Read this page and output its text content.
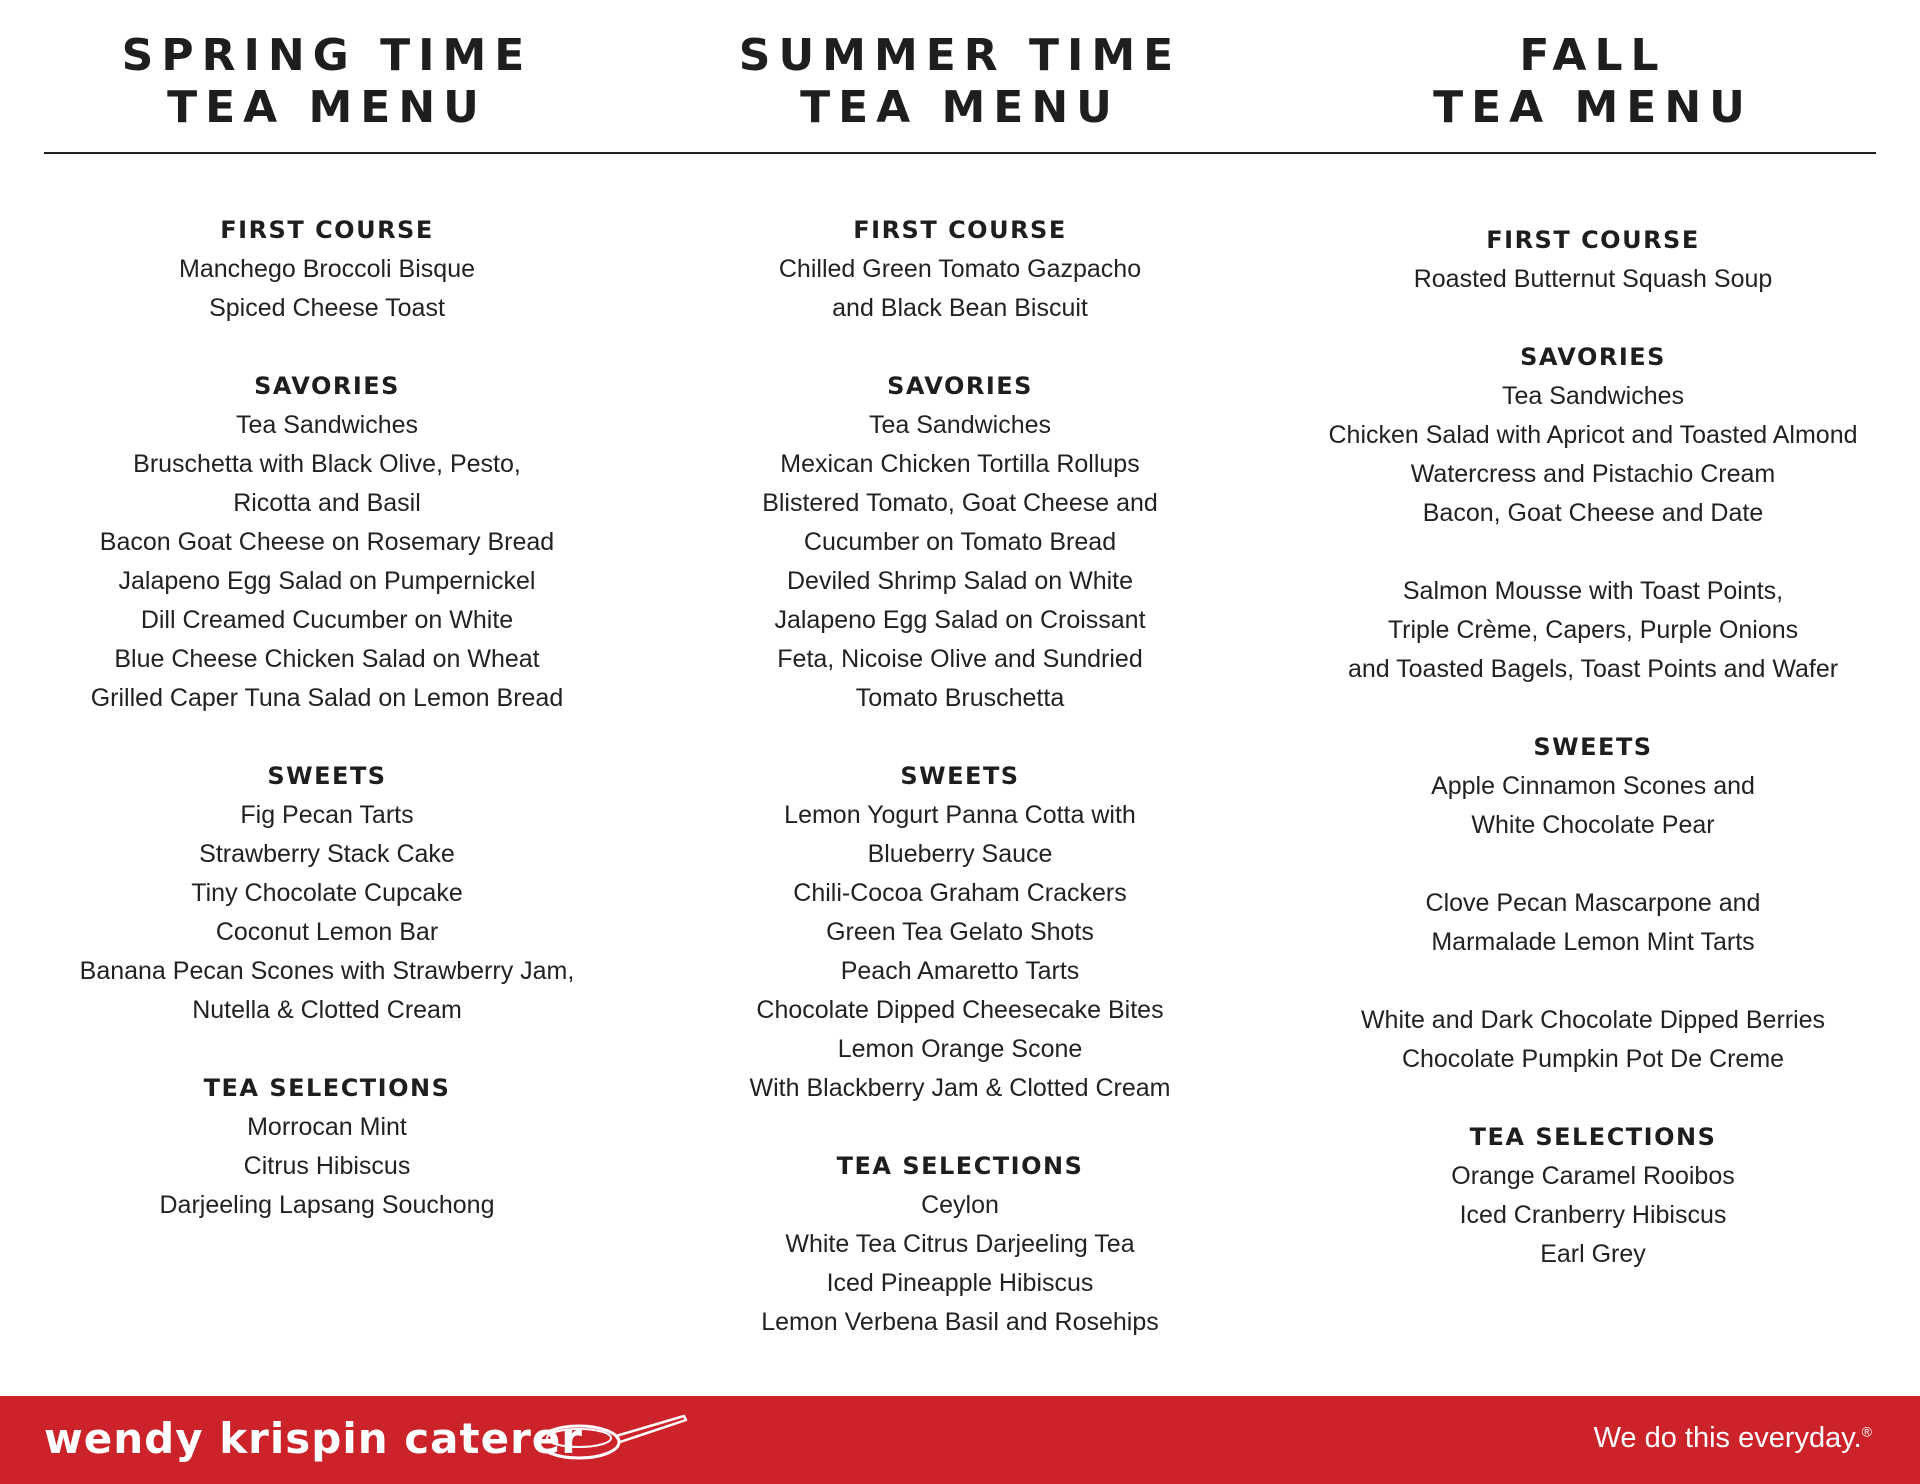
SPRING TIME
TEA MENU
SUMMER TIME
TEA MENU
FALL
TEA MENU
FIRST COURSE
Manchego Broccoli Bisque
Spiced Cheese Toast
SAVORIES
Tea Sandwiches
Bruschetta with Black Olive, Pesto,
Ricotta and Basil
Bacon Goat Cheese on Rosemary Bread
Jalapeno Egg Salad on Pumpernickel
Dill Creamed Cucumber on White
Blue Cheese Chicken Salad on Wheat
Grilled Caper Tuna Salad on Lemon Bread
SWEETS
Fig Pecan Tarts
Strawberry Stack Cake
Tiny Chocolate Cupcake
Coconut Lemon Bar
Banana Pecan Scones with Strawberry Jam,
Nutella & Clotted Cream
TEA SELECTIONS
Morrocan Mint
Citrus Hibiscus
Darjeeling Lapsang Souchong
FIRST COURSE
Chilled Green Tomato Gazpacho
and Black Bean Biscuit
SAVORIES
Tea Sandwiches
Mexican Chicken Tortilla Rollups
Blistered Tomato, Goat Cheese and
Cucumber on Tomato Bread
Deviled Shrimp Salad on White
Jalapeno Egg Salad on Croissant
Feta, Nicoise Olive and Sundried
Tomato Bruschetta
SWEETS
Lemon Yogurt Panna Cotta with
Blueberry Sauce
Chili-Cocoa Graham Crackers
Green Tea Gelato Shots
Peach Amaretto Tarts
Chocolate Dipped Cheesecake Bites
Lemon Orange Scone
With Blackberry Jam & Clotted Cream
TEA SELECTIONS
Ceylon
White Tea Citrus Darjeeling Tea
Iced Pineapple Hibiscus
Lemon Verbena Basil and Rosehips
FIRST COURSE
Roasted Butternut Squash Soup
SAVORIES
Tea Sandwiches
Chicken Salad with Apricot and Toasted Almond
Watercress and Pistachio Cream
Bacon, Goat Cheese and Date
Salmon Mousse with Toast Points,
Triple Crème, Capers, Purple Onions
and Toasted Bagels, Toast Points and Wafer
SWEETS
Apple Cinnamon Scones and
White Chocolate Pear
Clove Pecan Mascarpone and
Marmalade Lemon Mint Tarts
White and Dark Chocolate Dipped Berries
Chocolate Pumpkin Pot De Creme
TEA SELECTIONS
Orange Caramel Rooibos
Iced Cranberry Hibiscus
Earl Grey
wendy krispin caterer	We do this everyday.®
